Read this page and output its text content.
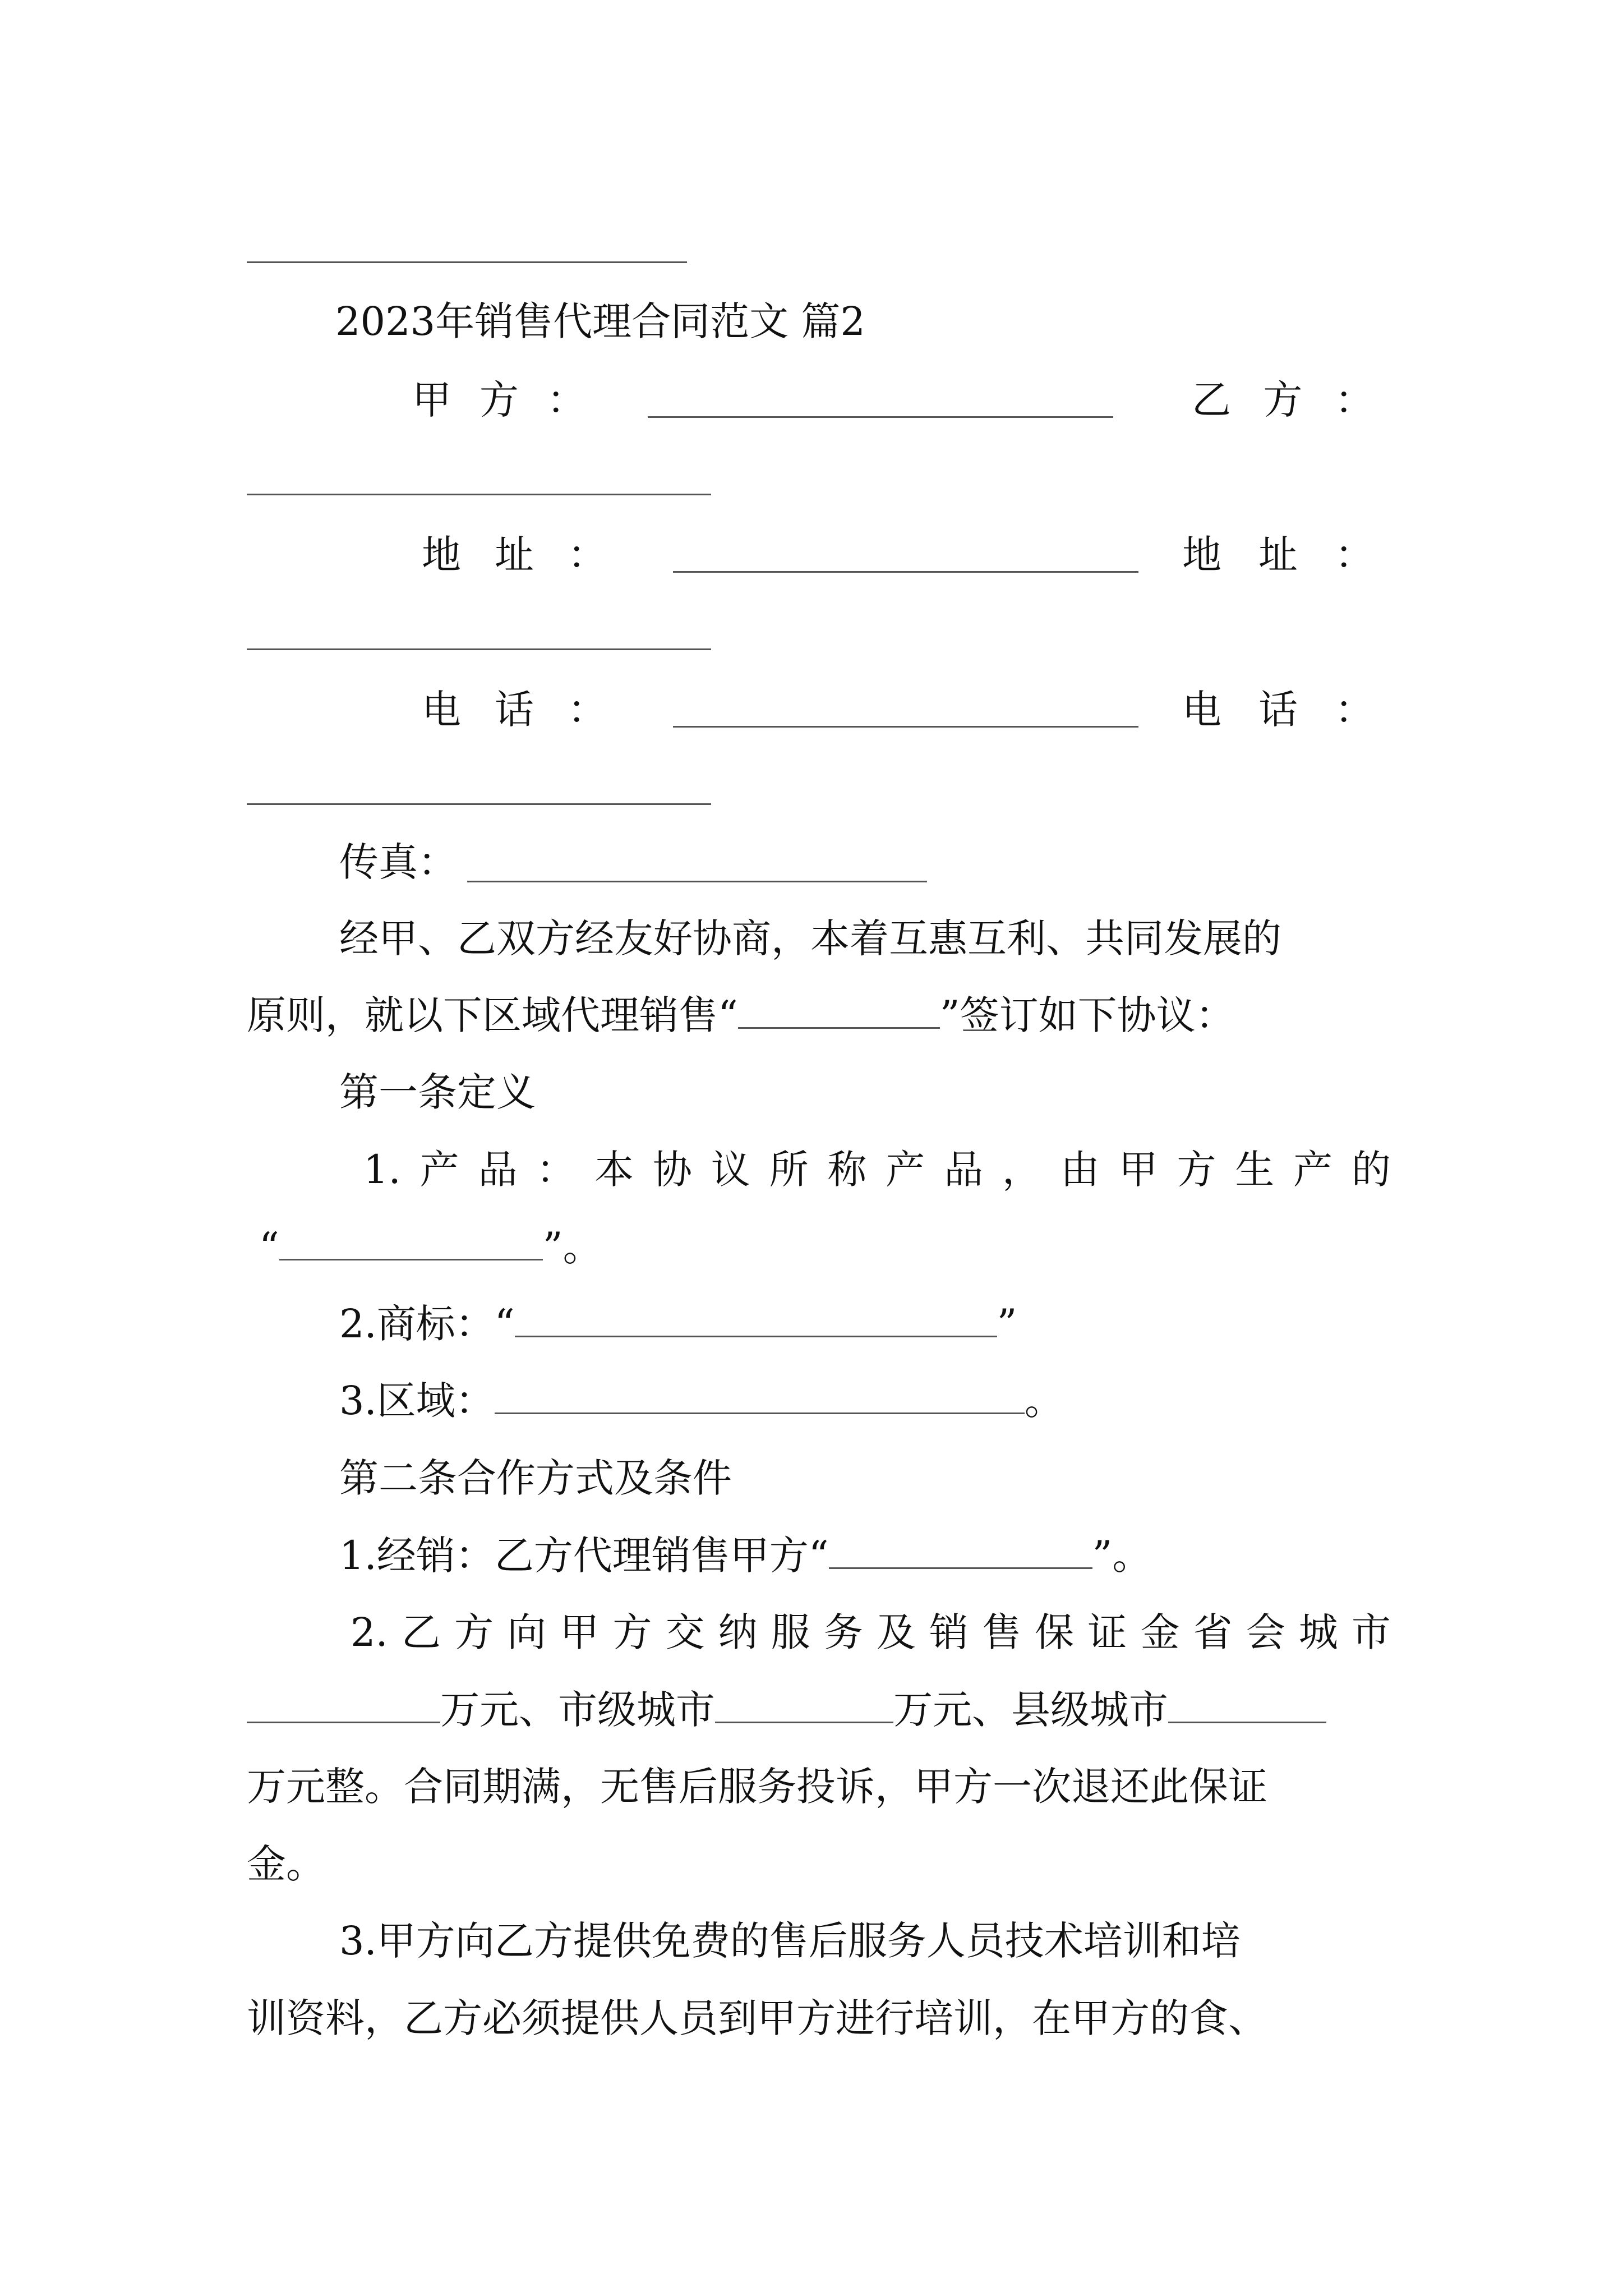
2023年销售代理合同范文 篇2
甲 方 ：	乙 方 ：
地 址 ：	地 址 ：
电 话 ：	电 话 ：
传真：
经甲、乙双方经友好协商，本着互惠互利、共同发展的
原则，就以下区域代理销售“	”签订如下协议：
第一条定义
1. 产 品 ： 本 协 议 所 称 产 品 ， 由 甲 方 生 产 的
“	”。
2.商标：“	”
3.区域：	。
第二条合作方式及条件
1.经销：乙方代理销售甲方“	”。
2. 乙 方 向 甲 方 交 纳 服 务 及 销 售 保 证 金 省 会 城 市
万元、市级城市	万元、县级城市
万元整。合同期满，无售后服务投诉，甲方一次退还此保证
金。
3.甲方向乙方提供免费的售后服务人员技术培训和培
训资料，乙方必须提供人员到甲方进行培训，在甲方的食、
